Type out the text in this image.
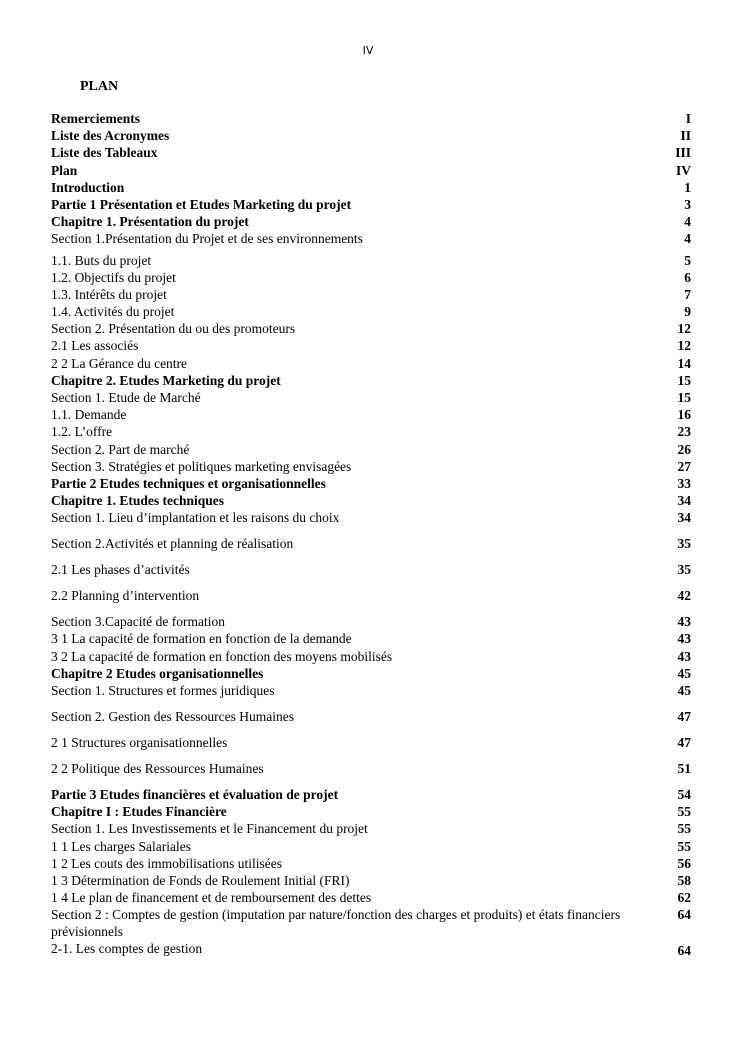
IV
PLAN
Remerciements	I
Liste des Acronymes	II
Liste des Tableaux	III
Plan	IV
Introduction	1
Partie 1 Présentation et Etudes Marketing du projet	3
Chapitre 1. Présentation du projet	4
Section 1.Présentation du Projet et de ses environnements	4
1.1. Buts du projet	5
1.2. Objectifs du projet	6
1.3. Intérêts du projet	7
1.4. Activités du projet	9
Section 2. Présentation du ou des promoteurs	12
2.1 Les associés	12
2 2 La Gérance du centre	14
Chapitre 2. Etudes Marketing du projet	15
Section 1. Etude de Marché	15
1.1. Demande	16
1.2. L’offre	23
Section 2. Part de marché	26
Section 3. Stratégies et politiques marketing envisagées	27
Partie 2 Etudes techniques et organisationnelles	33
Chapitre 1. Etudes techniques	34
Section 1. Lieu d’implantation et les raisons du choix	34
Section 2.Activités et planning de réalisation	35
2.1 Les phases d’activités	35
2.2 Planning d’intervention	42
Section 3.Capacité de formation	43
3 1 La capacité de formation en fonction de la demande	43
3 2 La capacité de formation en fonction des moyens mobilisés	43
Chapitre 2 Etudes organisationnelles	45
Section 1. Structures et formes juridiques	45
Section 2. Gestion des Ressources Humaines	47
2 1 Structures organisationnelles	47
2 2 Politique des Ressources Humaines	51
Partie 3 Etudes financières et évaluation de projet	54
Chapitre I : Etudes Financière	55
Section 1. Les Investissements et le Financement du projet	55
1 1 Les charges Salariales	55
1 2 Les couts des immobilisations utilisées	56
1 3 Détermination de Fonds de Roulement Initial (FRI)	58
1 4 Le plan de financement et de remboursement des dettes	62
Section 2 : Comptes de gestion (imputation par nature/fonction des charges et produits) et états financiers prévisionnels
64
2-1. Les comptes de gestion	64
